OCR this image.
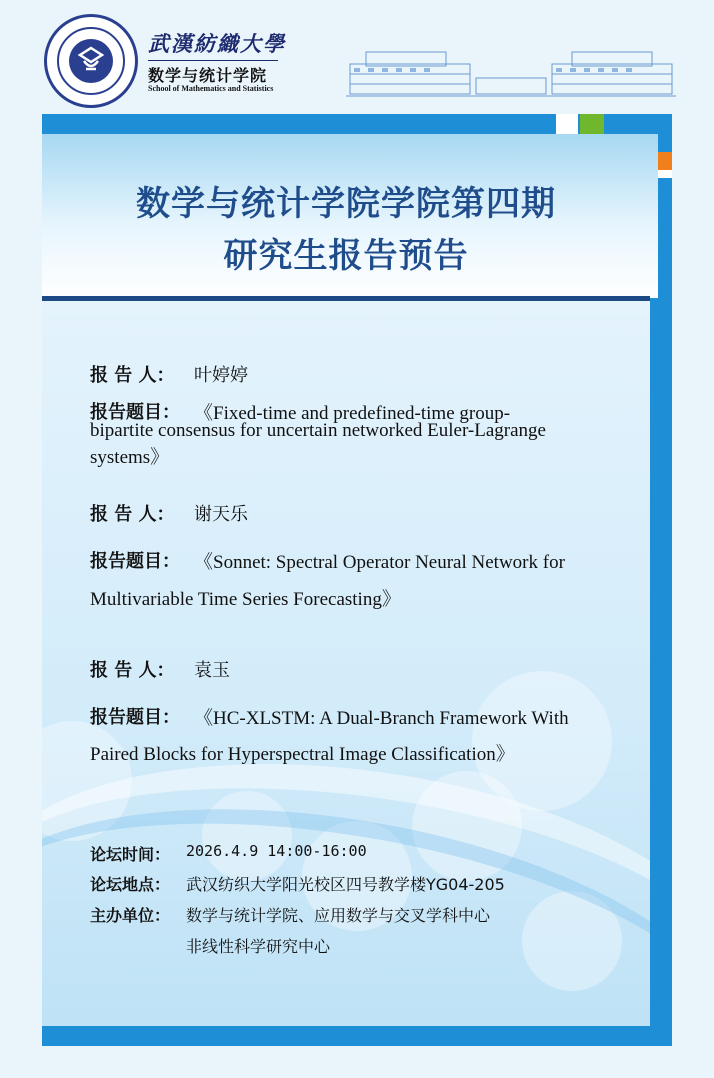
武漢紡織大學
数学与统计学院
School of Mathematics and Statistics
数学与统计学院学院第四期
研究生报告预告
报 告 人： 叶婷婷
报告题目： 《Fixed-time and predefined-time group-
bipartite consensus for uncertain networked Euler-Lagrange
systems》
报 告 人： 谢天乐
报告题目： 《Sonnet: Spectral Operator Neural Network for
Multivariable Time Series Forecasting》
报 告 人： 袁玉
报告题目： 《HC-XLSTM: A Dual-Branch Framework With
Paired Blocks for Hyperspectral Image Classification》
论坛时间： 2026.4.9 14:00-16:00
论坛地点： 武汉纺织大学阳光校区四号教学楼YG04-205
主办单位： 数学与统计学院、应用数学与交叉学科中心
非线性科学研究中心
